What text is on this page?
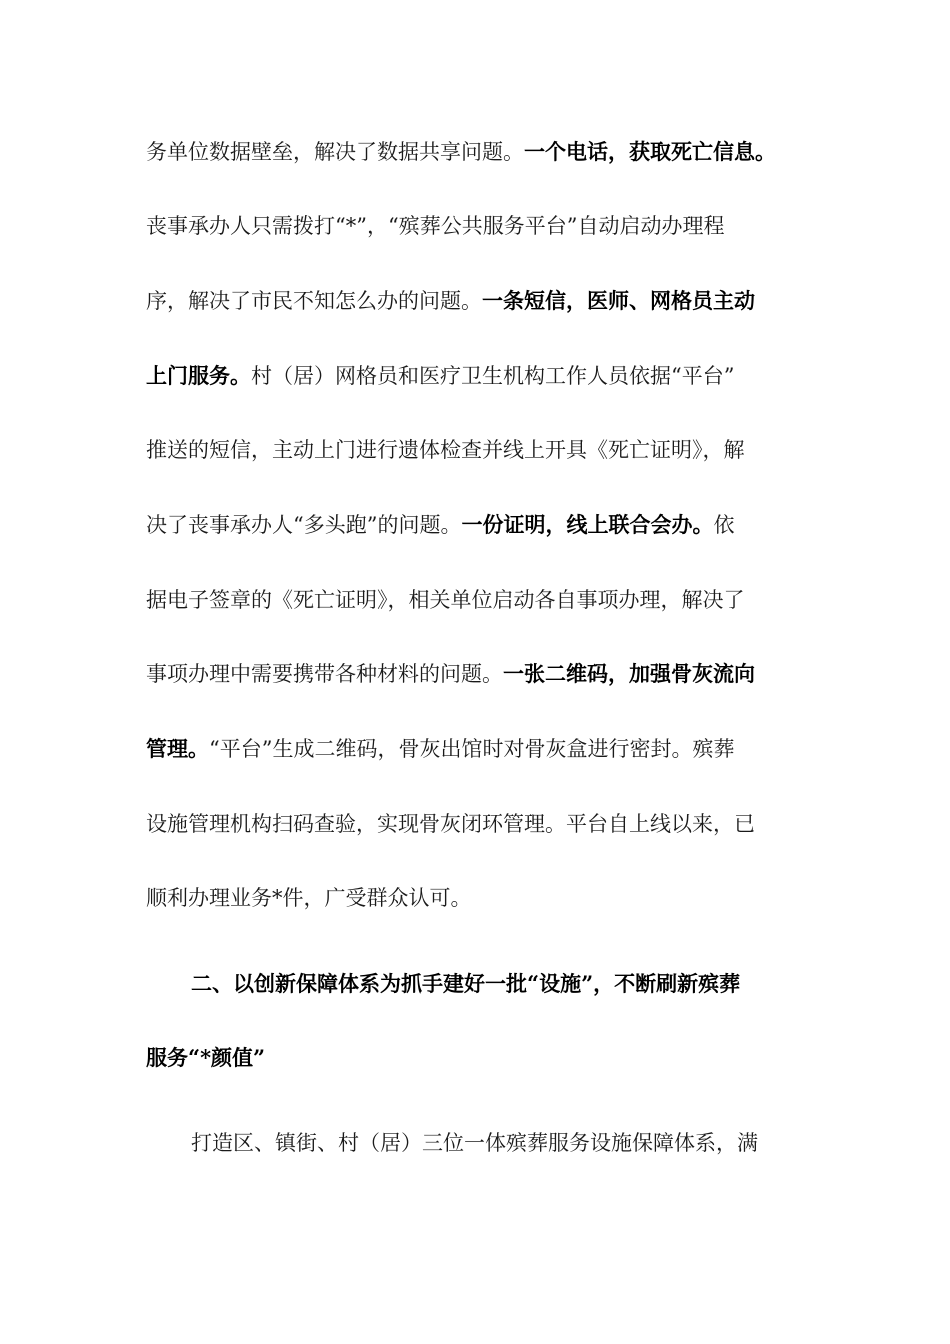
务单位数据壁垒，解决了数据共享问题。一个电话，获取死亡信息。
丧事承办人只需拨打“*”，“殡葬公共服务平台”自动启动办理程
序，解决了市民不知怎么办的问题。一条短信，医师、网格员主动
上门服务。村（居）网格员和医疗卫生机构工作人员依据“平台”
推送的短信，主动上门进行遗体检查并线上开具《死亡证明》，解
决了丧事承办人“多头跑”的问题。一份证明，线上联合会办。依
据电子签章的《死亡证明》，相关单位启动各自事项办理，解决了
事项办理中需要携带各种材料的问题。一张二维码，加强骨灰流向
管理。“平台”生成二维码，骨灰出馆时对骨灰盒进行密封。殡葬
设施管理机构扫码查验，实现骨灰闭环管理。平台自上线以来，已
顺利办理业务*件，广受群众认可。
二、以创新保障体系为抓手建好一批“设施”，不断刷新殡葬
服务“*颜值”
打造区、镇街、村（居）三位一体殡葬服务设施保障体系，满
